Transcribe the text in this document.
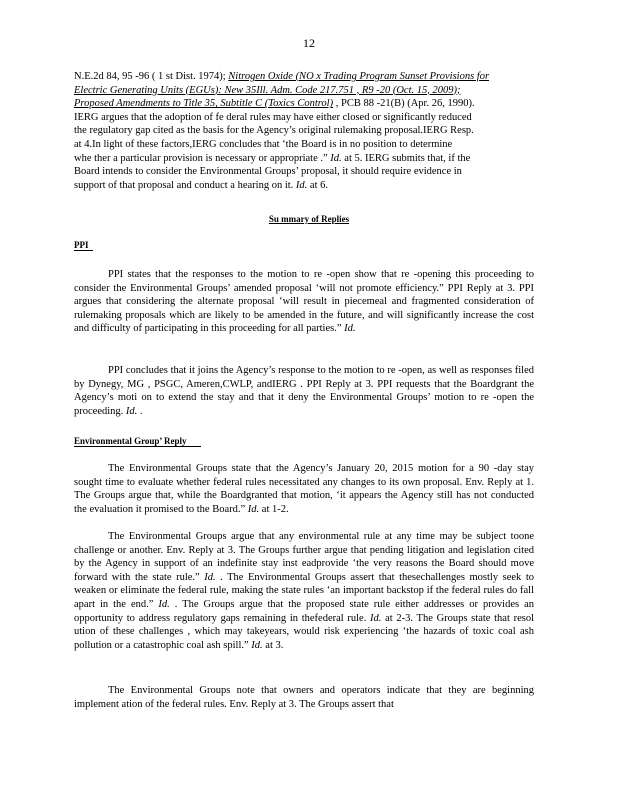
12

N.E.2d 84, 95 -96 ( 1 st Dist. 1974); Nitrogen Oxide (NO x Trading Program Sunset Provisions for

Electric Generating Units (EGUs): New 35Ill. Adm. Code 217.751 , R9 -20 (Oct. 15, 2009);

Proposed Amendments to Title 35, Subtitle C (Toxics Control) , PCB 88 -21(B) (Apr. 26, 1990).

IERG argues that the adoption of fe deral rules may have either closed or significantly reduced

the regulatory gap cited as the basis for the Agency’s original rulemaking proposal.IERG Resp.

at 4.In light of these factors,IERG concludes that ‘the Board is in no position to determine

whe ther a particular provision is necessary or appropriate .” Id. at 5. IERG submits that, if the

Board intends to consider the Environmental Groups’ proposal, it should require evidence in

support of that proposal and conduct a hearing on it. Id. at 6.

Su mmary of Replies
PPI

PPI states that the responses to the motion to re -open show that re -opening this proceeding to consider the Environmental Groups’ amended proposal ‘will not promote efficiency.” PPI Reply at 3. PPI argues that considering the alternate proposal ‘will result in piecemeal and fragmented consideration of rulemaking proposals which are likely to be amended in the future, and will significantly increase the cost and difficulty of participating in this proceeding for all parties.” Id.

PPI concludes that it joins the Agency’s response to the motion to re -open, as well as responses filed by Dynegy, MG , PSGC, Ameren,CWLP, andIERG . PPI Reply at 3. PPI requests that the Boardgrant the Agency’s moti on to extend the stay and that it deny the Environmental Groups’ motion to re -open the proceeding. Id. .

Environmental Group’ Reply

The Environmental Groups state that the Agency’s January 20, 2015 motion for a 90 -day stay sought time to evaluate whether federal rules necessitated any changes to its own proposal. Env. Reply at 1. The Groups argue that, while the Boardgranted that motion, ‘it appears the Agency still has not conducted the evaluation it promised to the Board.” Id. at 1-2.

The Environmental Groups argue that any environmental rule at any time may be subject toone challenge or another. Env. Reply at 3. The Groups further argue that pending litigation and legislation cited by the Agency in support of an indefinite stay inst eadprovide ‘the very reasons the Board should move forward with the state rule.” Id. . The Environmental Groups assert that thesechallenges mostly seek to weaken or eliminate the federal rule, making the state rules ‘an important backstop if the federal rules do fall apart in the end.” Id. . The Groups argue that the proposed state rule either addresses or provides an opportunity to address regulatory gaps remaining in thefederal rule. Id. at 2-3. The Groups state that resol ution of these challenges , which may takeyears, would risk experiencing ‘the hazards of toxic coal ash pollution or a catastrophic coal ash spill.” Id. at 3.

The Environmental Groups note that owners and operators indicate that they are beginning implement ation of the federal rules. Env. Reply at 3. The Groups assert that
